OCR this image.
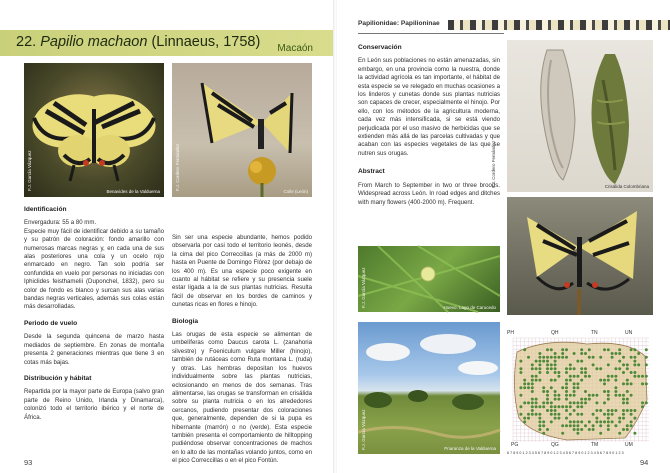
22. Papilio machaon (Linnaeus, 1758) Macaón
F.J. García Vázquez
Benavides de la Valduerna
F.J. Cordero Fernández
Colle (León)
Identificación

Envergadura: 55 a 80 mm.
Especie muy fácil de identificar debido a su tamaño y su patrón de coloración: fondo amarillo con numerosas marcas negras y, en cada una de sus alas posteriores una cola y un ocelo rojo enmarcado en negro. Tan solo podría ser confundida en vuelo por personas no iniciadas con Iphiclides feisthamelii (Duponchel, 1832), pero su color de fondo es blanco y surcan sus alas varias bandas negras verticales, además sus colas están más desarrolladas.

Periodo de vuelo

Desde la segunda quincena de marzo hasta mediados de septiembre. En zonas de montaña presenta 2 generaciones mientras que tiene 3 en cotas más bajas.

Distribución y hábitat

Repartida por la mayor parte de Europa (salvo gran parte de Reino Unido, Irlanda y Dinamarca), colonizó todo el territorio ibérico y el norte de África.

Sin ser una especie abundante, hemos podido observarla por casi todo el territorio leonés, desde la cima del pico Correccillas (a más de 2000 m) hasta en Puente de Domingo Flórez (por debajo de los 400 m). Es una especie poco exigente en cuanto al hábitat se refiere y su presencia suele estar ligada a la de sus plantas nutricias. Resulta fácil de observar en los bordes de caminos y cunetas ricas en flores e hinojo.

Biología

Las orugas de esta especie se alimentan de umbelíferas como Daucus carota L. (zanahoria silvestre) y Foeniculum vulgare Miller (hinojo), también de rutáceas como Ruta montana L. (ruda) y otras. Las hembras depositan los huevos individualmente sobre las plantas nutricias, eclosionando en menos de dos semanas. Tras alimentarse, las orugas se transforman en crisálida sobre su planta nutricia o en los alrededores cercanos, pudiendo presentar dos coloraciones que, generalmente, dependen de si la pupa es hibernante (marrón) o no (verde). Esta especie también presenta el comportamiento de hilltopping pudiéndose observar concentraciones de machos en lo alto de las montañas volando juntos, como en el pico Correccillas o en el pico Fontún.

93
Papilionidae: Papilioninae
Conservación

En León sus poblaciones no están amenazadas, sin embargo, en una provincia como la nuestra, donde la actividad agrícola es tan importante, el hábitat de esta especie se ve relegado en muchas ocasiones a los linderos y cunetas donde sus plantas nutricias son capaces de crecer, especialmente el hinojo. Por ello, con los métodos de la agricultura moderna, cada vez más intensificada, si se está viendo perjudicada por el uso masivo de herbicidas que se extienden más allá de las parcelas cultivadas y que acaban con las especies vegetales de las que se nutren sus orugas.

Abstract

From March to September in two or three broods. Widespread across León. In road edges and ditches with many flowers (400-2000 m). Frequent.

F.J. Cordero Fernández	Crisálida Colombriana
F.J. García Vázquez	Huevo. Lago de Carucedo
F.J. García Vázquez	Priaranza de la Valduerna
PH	QH	TN	UN
PG	QG	TM	UM
6 7 8 9 0 1 2 3 4 5 6 7 8 9 0 1 2 3 4 5 6 7 8 9 0 1 2 3 4 5 6 7 8 9 0 1 2 3
94
